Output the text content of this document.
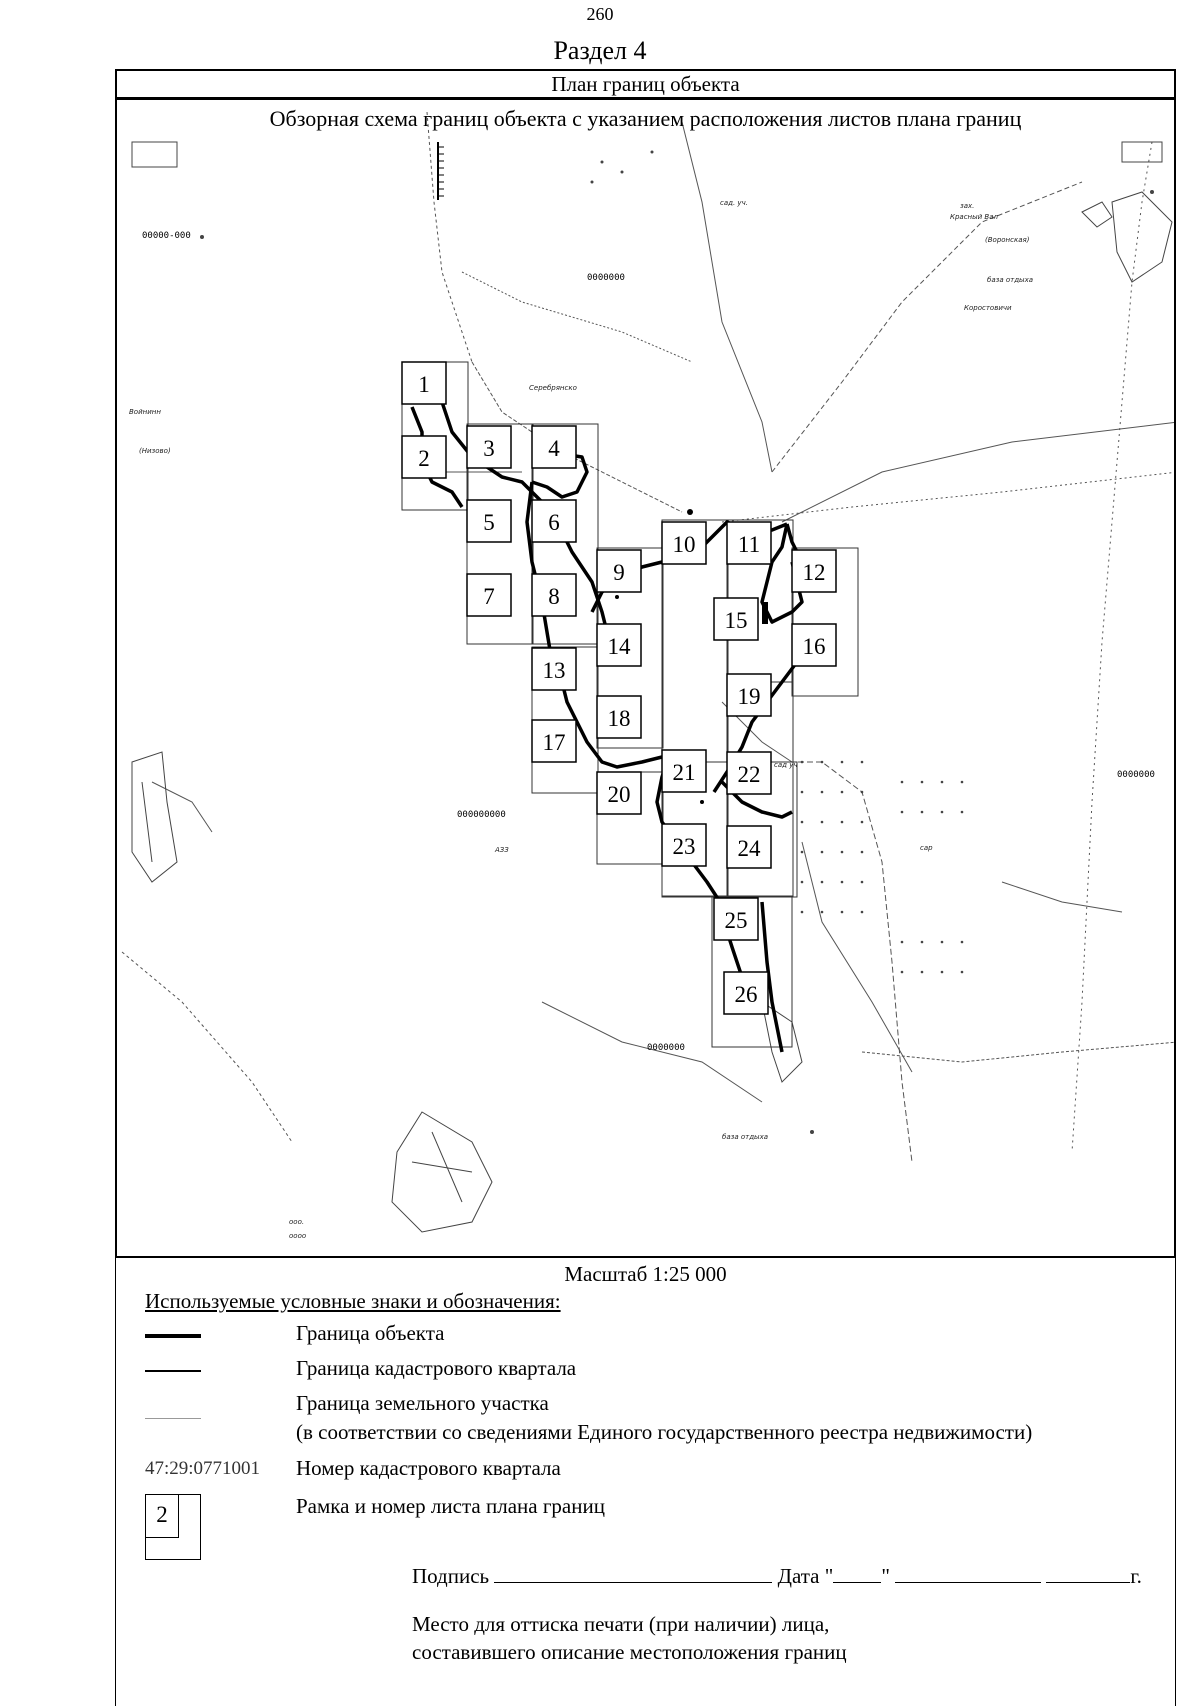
260
Раздел 4
План границ объекта
00000-000
0000000
000000000
0000000
0000000
сад. уч.	зах.
Красный Вал
(Воронская)
база отдыха
Коростовичи
Серебрянско
Войнинн
(Низово)
АЗЗ
сад уч
сар
база отдыха
ооо.
оооо
1
2 3 4
5 6
7 8
9
10 11
12
13
14
15
16
17
18
19
20
21 22
23 24
25
26
Обзорная схема границ объекта с указанием расположения листов плана границ
Масштаб 1:25 000
Используемые условные знаки и обозначения:
Граница объекта
Граница кадастрового квартала
Граница земельного участка
(в соответствии со сведениями Единого государственного реестра недвижимости)
47:29:0771001 Номер кадастрового квартала
2	Рамка и номер листа плана границ
Подпись	Дата " "	г.
Место для оттиска печати (при наличии) лица,
составившего описание местоположения границ
